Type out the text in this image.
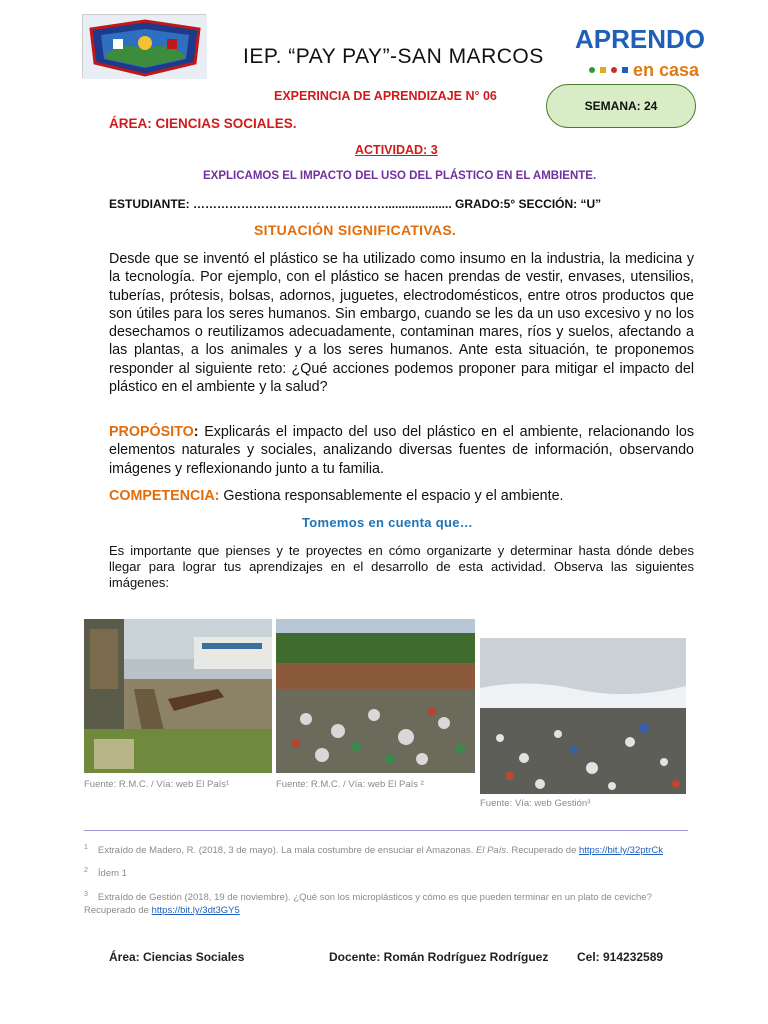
IEP. “PAY PAY”-SAN MARCOS
APRENDO
en casa
EXPERINCIA DE APRENDIZAJE N° 06
SEMANA: 24
ÁREA: CIENCIAS SOCIALES.
ACTIVIDAD: 3
EXPLICAMOS EL IMPACTO DEL USO DEL PLÁSTICO EN EL AMBIENTE.
ESTUDIANTE: ………………………………………….................... GRADO:5° SECCIÓN: “U”
SITUACIÓN SIGNIFICATIVAS.

Desde que se inventó el plástico se ha utilizado como insumo en la industria, la medicina y la tecnología. Por ejemplo, con el plástico se hacen prendas de vestir, envases, utensilios, tuberías, prótesis, bolsas, adornos, juguetes, electrodomésticos, entre otros productos que son útiles para los seres humanos. Sin embargo, cuando se les da un uso excesivo y no los desechamos o reutilizamos adecuadamente, contaminan mares, ríos y suelos, afectando a las plantas, a los animales y a los seres humanos. Ante esta situación, te proponemos responder al siguiente reto: ¿Qué acciones podemos proponer para mitigar el impacto del plástico en el ambiente y la salud?

PROPÓSITO: Explicarás el impacto del uso del plástico en el ambiente, relacionando los elementos naturales y sociales, analizando diversas fuentes de información, observando imágenes y reflexionando junto a tu familia.

COMPETENCIA: Gestiona responsablemente el espacio y el ambiente.

Tomemos en cuenta que…

Es importante que pienses y te proyectes en cómo organizarte y determinar hasta dónde debes llegar para lograr tus aprendizajes en el desarrollo de esta actividad. Observa las siguientes imágenes:

Fuente: R.M.C. / Vía: web El País¹	Fuente: R.M.C. / Vía: web El País ²
Fuente: Vía: web Gestión³
$^1$ Extraído de Madero, R. (2018, 3 de mayo). La mala costumbre de ensuciar el Amazonas. El País. Recuperado de https://bit.ly/32ptrCk
$^2$ Ídem 1
$^3$ Extraído de Gestión (2018, 19 de noviembre). ¿Qué son los microplásticos y cómo es que pueden terminar en un plato de ceviche? Recuperado de https://bit.ly/3dt3GY5
Área: Ciencias Sociales	Docente: Román Rodríguez Rodríguez Cel: 914232589
